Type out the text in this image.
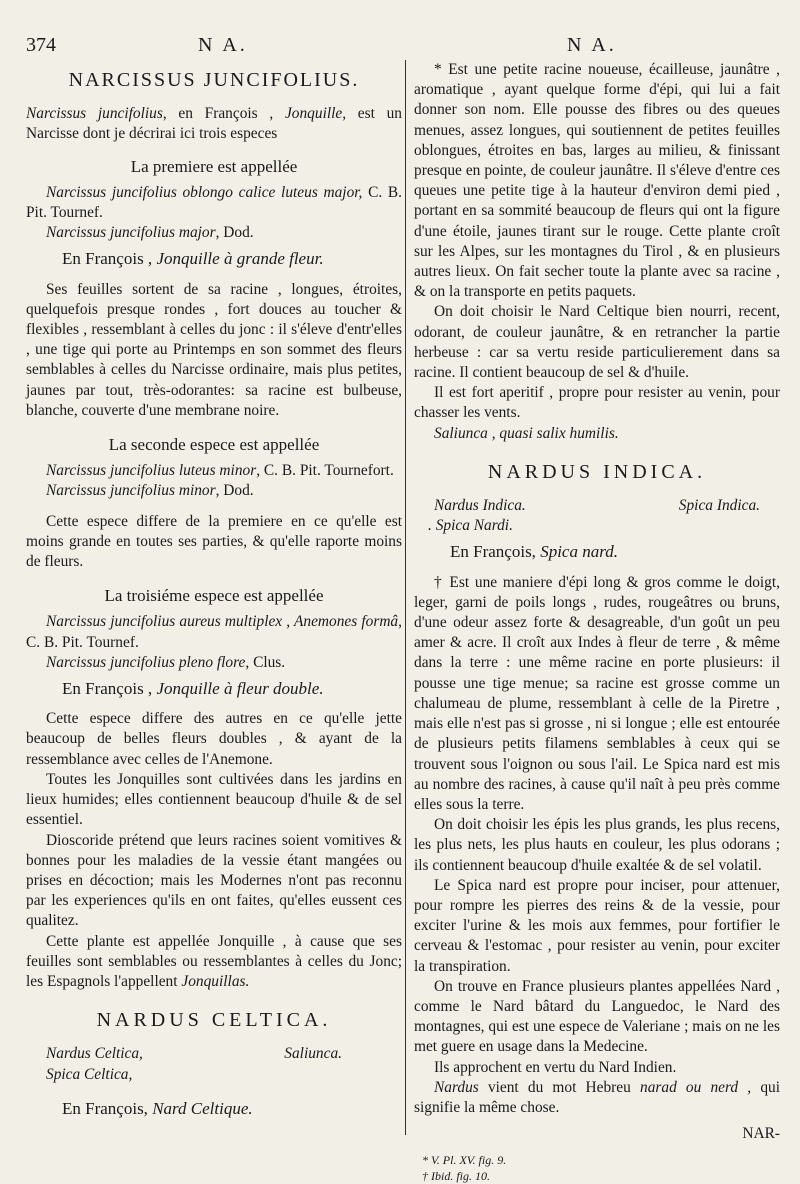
374	N A.	N A.
NARCISSUS JUNCIFOLIUS.

Narcissus juncifolius, en François , Jonquille, est un Narcisse dont je décrirai ici trois especes

La premiere est appellée

Narcissus juncifolius oblongo calice luteus major, C. B. Pit. Tournef.

Narcissus juncifolius major, Dod.

En François , Jonquille à grande fleur.

Ses feuilles sortent de sa racine , longues, étroites, quelquefois presque rondes , fort douces au toucher & flexibles , ressemblant à celles du jonc : il s'éleve d'entr'elles , une tige qui porte au Printemps en son sommet des fleurs semblables à celles du Narcisse ordinaire, mais plus petites, jaunes par tout, très-odorantes: sa racine est bulbeuse, blanche, couverte d'une membrane noire.

La seconde espece est appellée

Narcissus juncifolius luteus minor, C. B. Pit. Tournefort.

Narcissus juncifolius minor, Dod.

Cette espece differe de la premiere en ce qu'elle est moins grande en toutes ses parties, & qu'elle raporte moins de fleurs.

La troisiéme espece est appellée

Narcissus juncifolius aureus multiplex , Anemones formâ, C. B. Pit. Tournef.

Narcissus juncifolius pleno flore, Clus.

En François , Jonquille à fleur double.

Cette espece differe des autres en ce qu'elle jette beaucoup de belles fleurs doubles , & ayant de la ressemblance avec celles de l'Anemone.

Toutes les Jonquilles sont cultivées dans les jardins en lieux humides; elles contiennent beaucoup d'huile & de sel essentiel.

Dioscoride prétend que leurs racines soient vomitives & bonnes pour les maladies de la vessie étant mangées ou prises en décoction; mais les Modernes n'ont pas reconnu par les experiences qu'ils en ont faites, qu'elles eussent ces qualitez.

Cette plante est appellée Jonquille , à cause que ses feuilles sont semblables ou ressemblantes à celles du Jonc; les Espagnols l'appellent Jonquillas.

NARDUS CELTICA.
Nardus Celtica,	Saliunca.
Spica Celtica,
En François, Nard Celtique.

* Est une petite racine noueuse, écailleuse, jaunâtre , aromatique , ayant quelque forme d'épi, qui lui a fait donner son nom. Elle pousse des fibres ou des queues menues, assez longues, qui soutiennent de petites feuilles oblongues, étroites en bas, larges au milieu, & finissant presque en pointe, de couleur jaunâtre. Il s'éleve d'entre ces queues une petite tige à la hauteur d'environ demi pied , portant en sa sommité beaucoup de fleurs qui ont la figure d'une étoile, jaunes tirant sur le rouge. Cette plante croît sur les Alpes, sur les montagnes du Tirol , & en plusieurs autres lieux. On fait secher toute la plante avec sa racine , & on la transporte en petits paquets.

On doit choisir le Nard Celtique bien nourri, recent, odorant, de couleur jaunâtre, & en retrancher la partie herbeuse : car sa vertu reside particulierement dans sa racine. Il contient beaucoup de sel & d'huile.

Il est fort aperitif , propre pour resister au venin, pour chasser les vents.

Saliunca , quasi salix humilis.

NARDUS INDICA.
Nardus Indica.	Spica Indica.
. Spica Nardi.
En François, Spica nard.

† Est une maniere d'épi long & gros comme le doigt, leger, garni de poils longs , rudes, rougeâtres ou bruns, d'une odeur assez forte & desagreable, d'un goût un peu amer & acre. Il croît aux Indes à fleur de terre , & même dans la terre : une même racine en porte plusieurs: il pousse une tige menue; sa racine est grosse comme un chalumeau de plume, ressemblant à celle de la Piretre , mais elle n'est pas si grosse , ni si longue ; elle est entourée de plusieurs petits filamens semblables à ceux qui se trouvent sous l'oignon ou sous l'ail. Le Spica nard est mis au nombre des racines, à cause qu'il naît à peu près comme elles sous la terre.

On doit choisir les épis les plus grands, les plus recens, les plus nets, les plus hauts en couleur, les plus odorans ; ils contiennent beaucoup d'huile exaltée & de sel volatil.

Le Spica nard est propre pour inciser, pour attenuer, pour rompre les pierres des reins & de la vessie, pour exciter l'urine & les mois aux femmes, pour fortifier le cerveau & l'estomac , pour resister au venin, pour exciter la transpiration.

On trouve en France plusieurs plantes appellées Nard , comme le Nard bâtard du Languedoc, le Nard des montagnes, qui est une espece de Valeriane ; mais on ne les met guere en usage dans la Medecine.

Ils approchent en vertu du Nard Indien.

Nardus vient du mot Hebreu narad ou nerd , qui signifie la même chose.

NAR-
* V. Pl. XV. fig. 9.
† Ibid. fig. 10.
